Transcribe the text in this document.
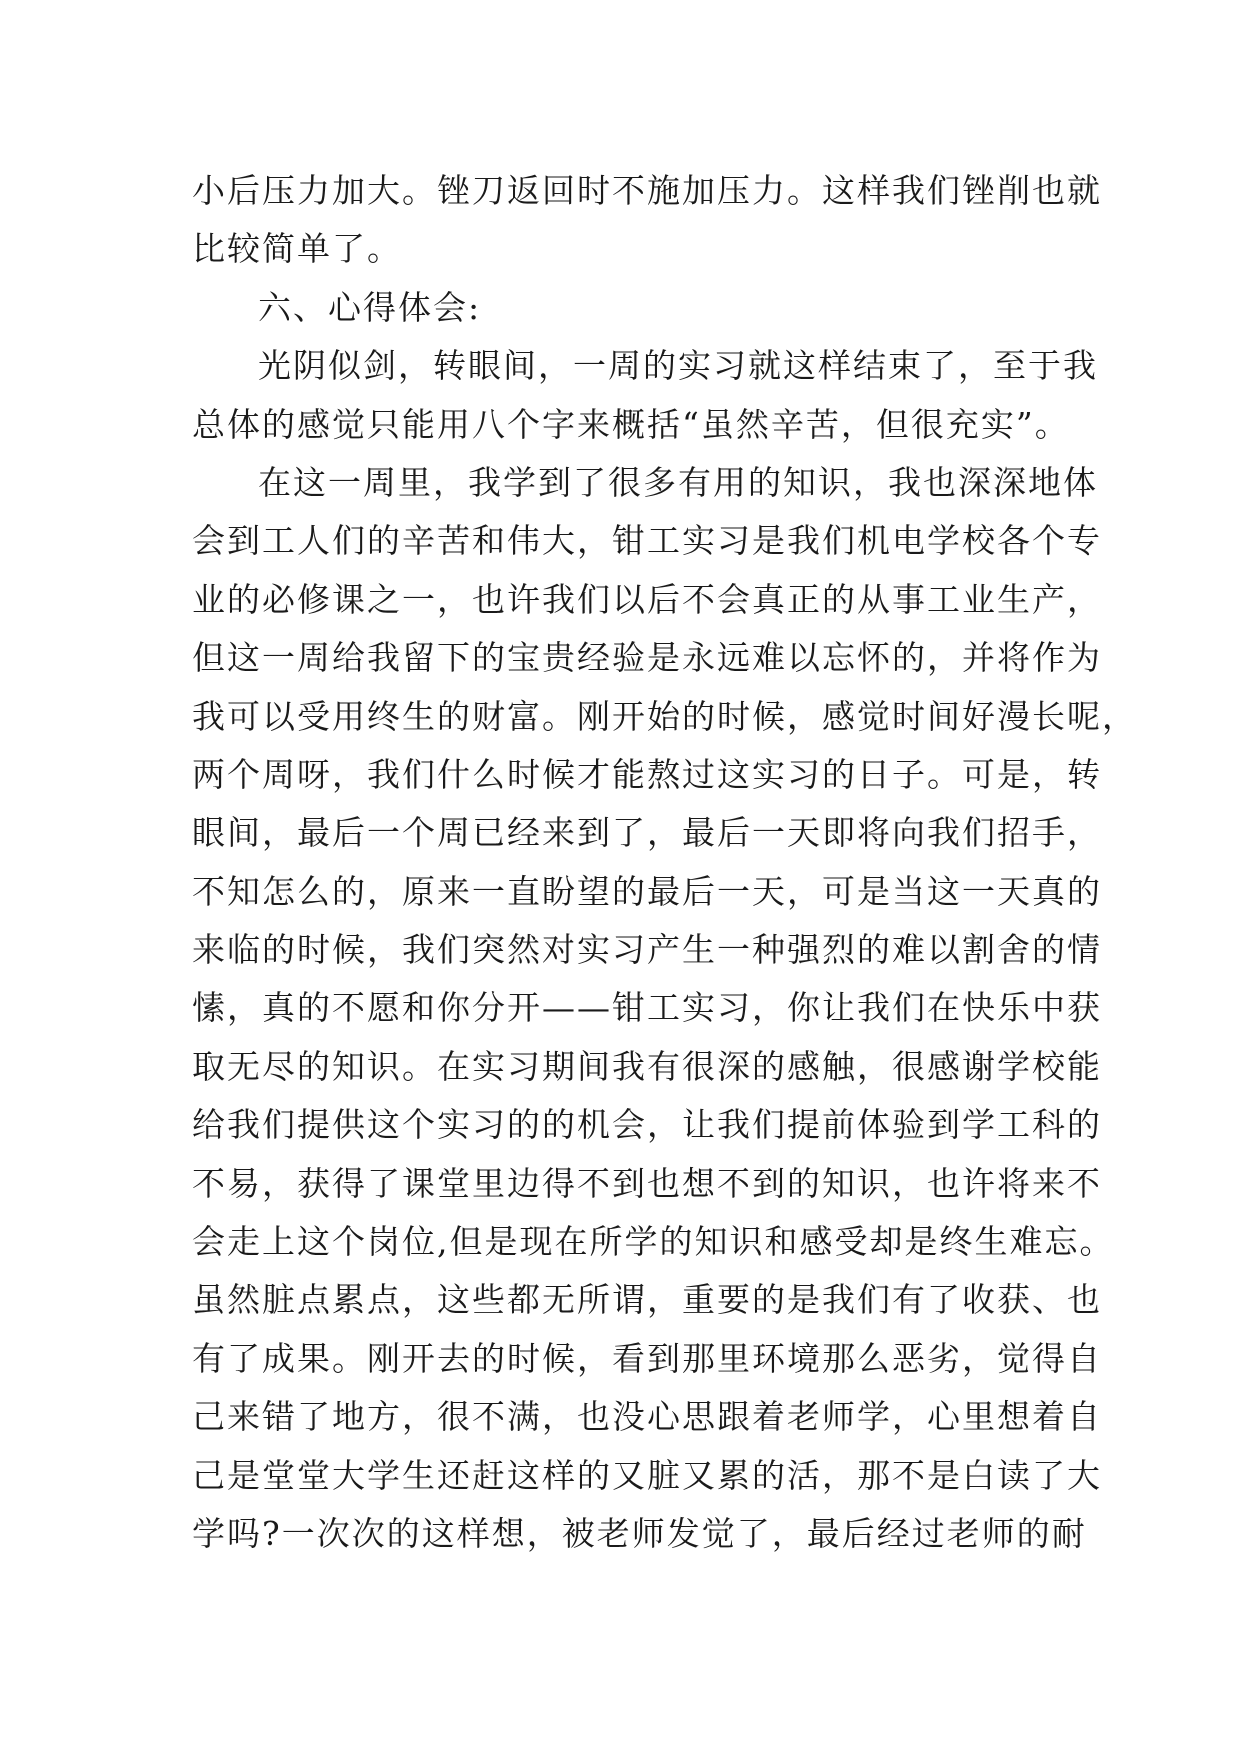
小后压力加大。锉刀返回时不施加压力。这样我们锉削也就
比较简单了。
六、心得体会:
光阴似剑，转眼间，一周的实习就这样结束了，至于我
总体的感觉只能用八个字来概括“虽然辛苦，但很充实”。
在这一周里，我学到了很多有用的知识，我也深深地体
会到工人们的辛苦和伟大，钳工实习是我们机电学校各个专
业的必修课之一，也许我们以后不会真正的从事工业生产，
但这一周给我留下的宝贵经验是永远难以忘怀的，并将作为
我可以受用终生的财富。刚开始的时候，感觉时间好漫长呢，
两个周呀，我们什么时候才能熬过这实习的日子。可是，转
眼间，最后一个周已经来到了，最后一天即将向我们招手，
不知怎么的，原来一直盼望的最后一天，可是当这一天真的
来临的时候，我们突然对实习产生一种强烈的难以割舍的情
愫，真的不愿和你分开——钳工实习，你让我们在快乐中获
取无尽的知识。在实习期间我有很深的感触，很感谢学校能
给我们提供这个实习的的机会，让我们提前体验到学工科的
不易，获得了课堂里边得不到也想不到的知识，也许将来不
会走上这个岗位,但是现在所学的知识和感受却是终生难忘。
虽然脏点累点，这些都无所谓，重要的是我们有了收获、也
有了成果。刚开去的时候，看到那里环境那么恶劣，觉得自
己来错了地方，很不满，也没心思跟着老师学，心里想着自
己是堂堂大学生还赶这样的又脏又累的活，那不是白读了大
学吗?一次次的这样想，被老师发觉了，最后经过老师的耐
